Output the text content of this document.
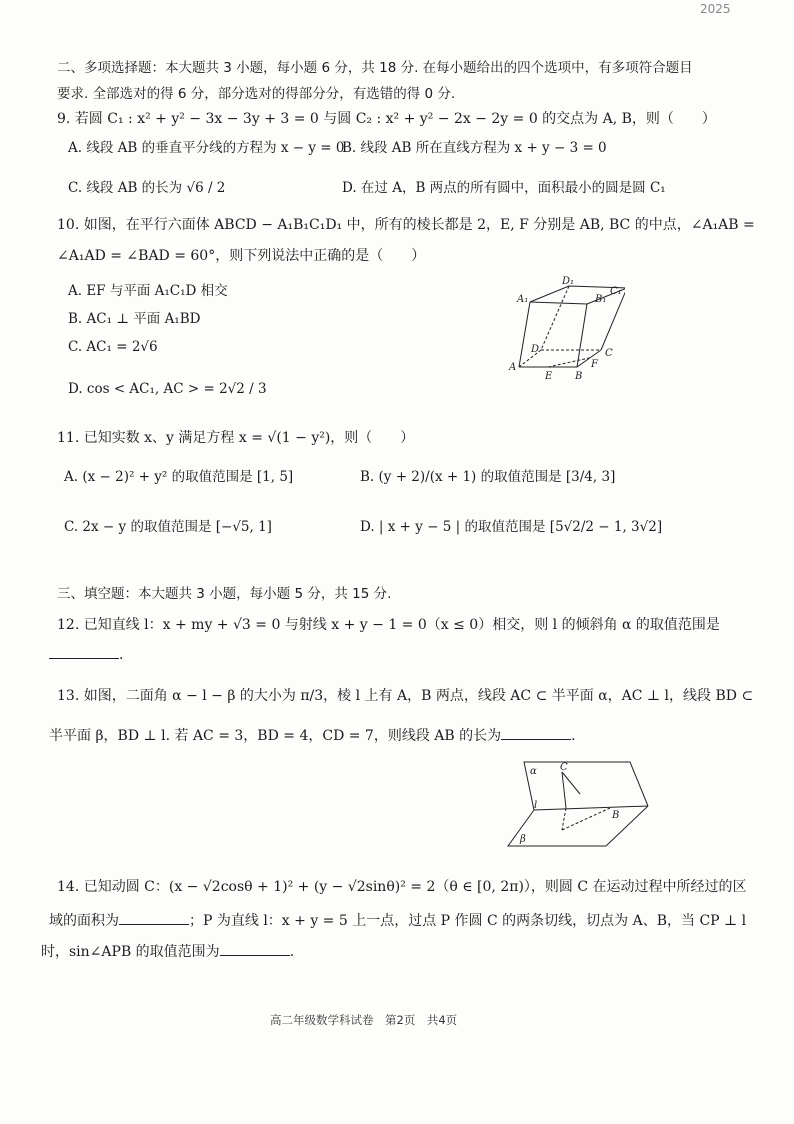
2025
二、多项选择题：本大题共 3 小题，每小题 6 分，共 18 分. 在每小题给出的四个选项中，有多项符合题目
要求. 全部选对的得 6 分，部分选对的得部分分，有选错的得 0 分.
9. 若圆 C₁ : x² + y² − 3x − 3y + 3 = 0 与圆 C₂ : x² + y² − 2x − 2y = 0 的交点为 A, B，则（　　）
A. 线段 AB 的垂直平分线的方程为 x − y = 0
B. 线段 AB 所在直线方程为 x + y − 3 = 0
C. 线段 AB 的长为 √6 / 2	D. 在过 A，B 两点的所有圆中，面积最小的圆是圆 C₁
10. 如图，在平行六面体 ABCD − A₁B₁C₁D₁ 中，所有的棱长都是 2，E, F 分别是 AB, BC 的中点，∠A₁AB =
∠A₁AD = ∠BAD = 60°，则下列说法中正确的是（　　）
A. EF 与平面 A₁C₁D 相交
B. AC₁ ⊥ 平面 A₁BD
C. AC₁ = 2√6
D. cos < AC₁, AC > = 2√2 / 3
D₁
A₁	B₁
C₁
D
A
E B
F
C
11. 已知实数 x、y 满足方程 x = √(1 − y²)，则（　　）
A. (x − 2)² + y² 的取值范围是 [1, 5]	B. (y + 2)/(x + 1) 的取值范围是 [3/4, 3]
C. 2x − y 的取值范围是 [−√5, 1]	D. | x + y − 5 | 的取值范围是 [5√2/2 − 1, 3√2]
三、填空题：本大题共 3 小题，每小题 5 分，共 15 分.
12. 已知直线 l：x + my + √3 = 0 与射线 x + y − 1 = 0（x ≤ 0）相交，则 l 的倾斜角 α 的取值范围是
.
13. 如图，二面角 α − l − β 的大小为 π/3，棱 l 上有 A，B 两点，线段 AC ⊂ 半平面 α，AC ⊥ l，线段 BD ⊂
半平面 β，BD ⊥ l. 若 AC = 3，BD = 4，CD = 7，则线段 AB 的长为	.
α C
l
β
B
14. 已知动圆 C：(x − √2cosθ + 1)² + (y − √2sinθ)² = 2（θ ∈ [0, 2π)），则圆 C 在运动过程中所经过的区
域的面积为	；P 为直线 l：x + y = 5 上一点，过点 P 作圆 C 的两条切线，切点为 A、B，当 CP ⊥ l
时，sin∠APB 的取值范围为	.
高二年级数学科试卷　第2页　共4页
